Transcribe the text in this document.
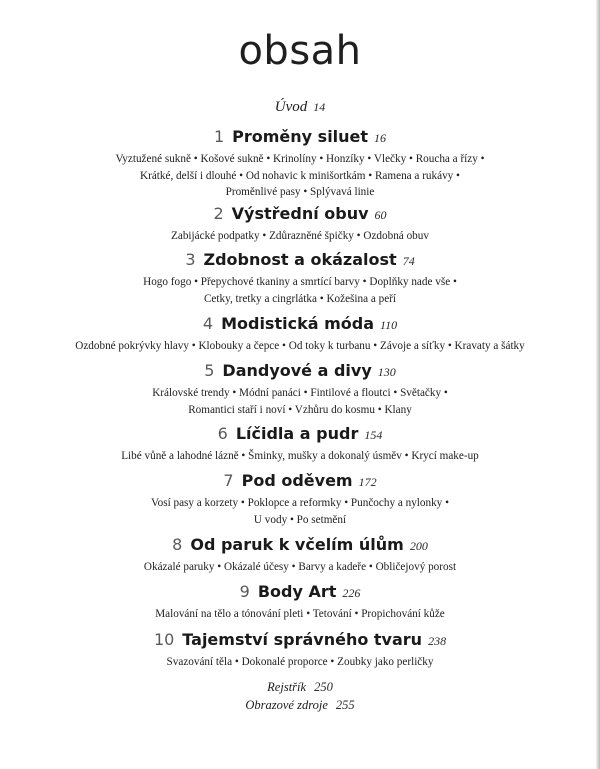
obsah
Úvod 14
1 Proměny siluet 16
Vyztužené sukně • Košové sukně • Krinolíny • Honzíky • Vlečky • Roucha a řízy •
Krátké, delší i dlouhé • Od nohavic k minišortkám • Ramena a rukávy •
Proměnlivé pasy • Splývavá linie
2 Výstřední obuv 60
Zabijácké podpatky • Zdůrazněné špičky • Ozdobná obuv
3 Zdobnost a okázalost 74
Hogo fogo • Přepychové tkaniny a smrtící barvy • Doplňky nade vše •
Cetky, tretky a cingrlátka • Kožešina a peří
4 Modistická móda 110
Ozdobné pokrývky hlavy • Klobouky a čepce • Od toky k turbanu • Závoje a síťky • Kravaty a šátky
5 Dandyové a divy 130
Královské trendy • Módní panáci • Fintilové a floutci • Světačky •
Romantici staří i noví • Vzhůru do kosmu • Klany
6 Líčidla a pudr 154
Libé vůně a lahodné lázně • Šminky, mušky a dokonalý úsměv • Krycí make-up
7 Pod oděvem 172
Vosí pasy a korzety • Poklopce a reformky • Punčochy a nylonky •
U vody • Po setmění
8 Od paruk k včelím úlům 200
Okázalé paruky • Okázalé účesy • Barvy a kadeře • Obličejový porost
9 Body Art 226
Malování na tělo a tónování pleti • Tetování • Propichování kůže
10 Tajemství správného tvaru 238
Svazování těla • Dokonalé proporce • Zoubky jako perličky
Rejstřík 250
Obrazové zdroje 255
